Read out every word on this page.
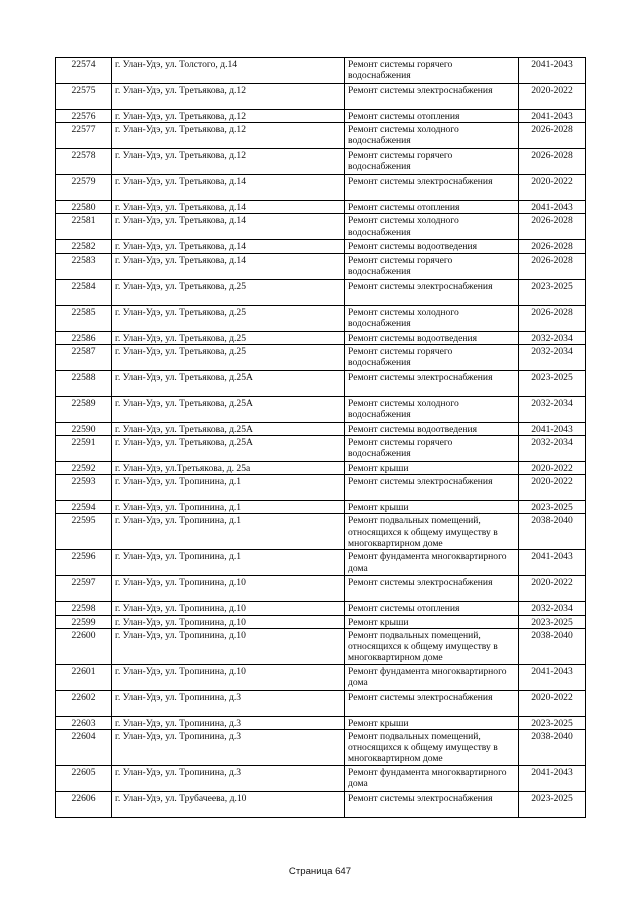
22574	г. Улан-Удэ, ул. Толстого, д.14	Ремонт системы горячего водоснабжения	2041-2043
22575	г. Улан-Удэ, ул. Третьякова, д.12	Ремонт системы электроснабжения	2020-2022
22576	г. Улан-Удэ, ул. Третьякова, д.12	Ремонт системы отопления	2041-2043
22577	г. Улан-Удэ, ул. Третьякова, д.12	Ремонт системы холодного водоснабжения	2026-2028
22578	г. Улан-Удэ, ул. Третьякова, д.12	Ремонт системы горячего водоснабжения	2026-2028
22579	г. Улан-Удэ, ул. Третьякова, д.14	Ремонт системы электроснабжения	2020-2022
22580	г. Улан-Удэ, ул. Третьякова, д.14	Ремонт системы отопления	2041-2043
22581	г. Улан-Удэ, ул. Третьякова, д.14	Ремонт системы холодного водоснабжения	2026-2028
22582	г. Улан-Удэ, ул. Третьякова, д.14	Ремонт системы водоотведения	2026-2028
22583	г. Улан-Удэ, ул. Третьякова, д.14	Ремонт системы горячего водоснабжения	2026-2028
22584	г. Улан-Удэ, ул. Третьякова, д.25	Ремонт системы электроснабжения	2023-2025
22585	г. Улан-Удэ, ул. Третьякова, д.25	Ремонт системы холодного водоснабжения	2026-2028
22586	г. Улан-Удэ, ул. Третьякова, д.25	Ремонт системы водоотведения	2032-2034
22587	г. Улан-Удэ, ул. Третьякова, д.25	Ремонт системы горячего водоснабжения	2032-2034
22588	г. Улан-Удэ, ул. Третьякова, д.25А	Ремонт системы электроснабжения	2023-2025
22589	г. Улан-Удэ, ул. Третьякова, д.25А	Ремонт системы холодного водоснабжения	2032-2034
22590	г. Улан-Удэ, ул. Третьякова, д.25А	Ремонт системы водоотведения	2041-2043
22591	г. Улан-Удэ, ул. Третьякова, д.25А	Ремонт системы горячего водоснабжения	2032-2034
22592	г. Улан-Удэ, ул.Третьякова, д. 25а	Ремонт крыши	2020-2022
22593	г. Улан-Удэ, ул. Тропинина, д.1	Ремонт системы электроснабжения	2020-2022
22594	г. Улан-Удэ, ул. Тропинина, д.1	Ремонт крыши	2023-2025
22595	г. Улан-Удэ, ул. Тропинина, д.1	Ремонт подвальных помещений, относящихся к общему имуществу в многоквартирном доме	2038-2040
22596	г. Улан-Удэ, ул. Тропинина, д.1	Ремонт фундамента многоквартирного дома	2041-2043
22597	г. Улан-Удэ, ул. Тропинина, д.10	Ремонт системы электроснабжения	2020-2022
22598	г. Улан-Удэ, ул. Тропинина, д.10	Ремонт системы отопления	2032-2034
22599	г. Улан-Удэ, ул. Тропинина, д.10	Ремонт крыши	2023-2025
22600	г. Улан-Удэ, ул. Тропинина, д.10	Ремонт подвальных помещений, относящихся к общему имуществу в многоквартирном доме	2038-2040
22601	г. Улан-Удэ, ул. Тропинина, д.10	Ремонт фундамента многоквартирного дома	2041-2043
22602	г. Улан-Удэ, ул. Тропинина, д.3	Ремонт системы электроснабжения	2020-2022
22603	г. Улан-Удэ, ул. Тропинина, д.3	Ремонт крыши	2023-2025
22604	г. Улан-Удэ, ул. Тропинина, д.3	Ремонт подвальных помещений, относящихся к общему имуществу в многоквартирном доме	2038-2040
22605	г. Улан-Удэ, ул. Тропинина, д.3	Ремонт фундамента многоквартирного дома	2041-2043
22606	г. Улан-Удэ, ул. Трубачеева, д.10	Ремонт системы электроснабжения	2023-2025
Страница 647
